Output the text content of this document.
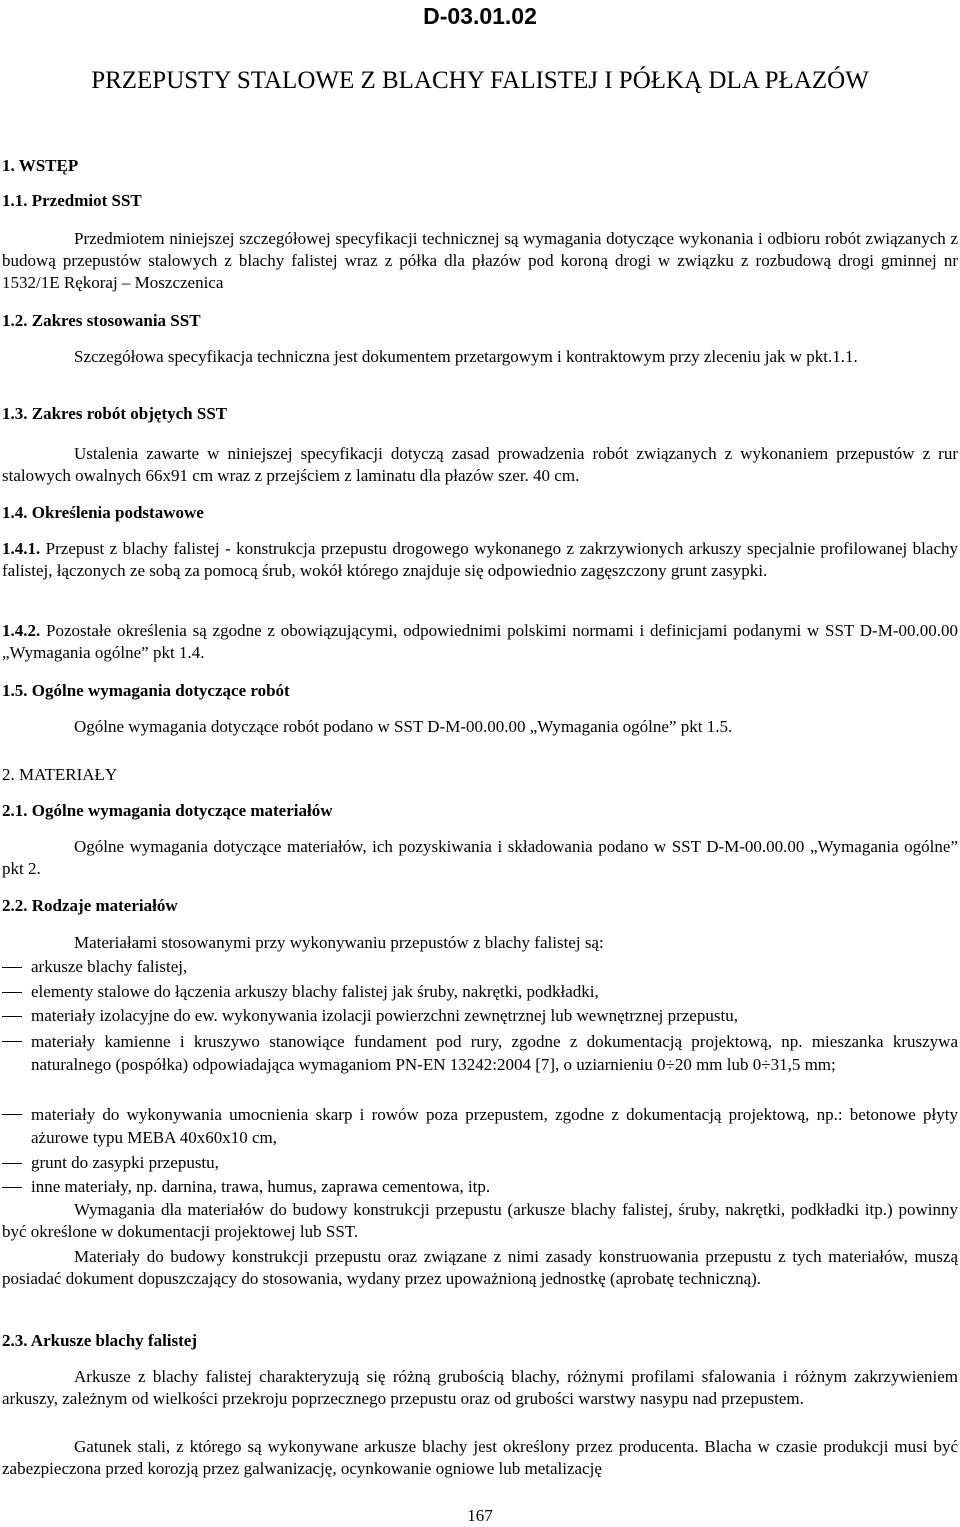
D-03.01.02
PRZEPUSTY STALOWE Z BLACHY FALISTEJ I PÓŁKĄ DLA PŁAZÓW
1. WSTĘP
1.1. Przedmiot SST
Przedmiotem niniejszej szczegółowej specyfikacji technicznej są wymagania dotyczące wykonania i odbioru robót związanych z budową przepustów stalowych z blachy falistej wraz z półka dla płazów pod koroną drogi w związku z rozbudową drogi gminnej nr 1532/1E Rękoraj – Moszczenica
1.2. Zakres stosowania SST
Szczegółowa specyfikacja techniczna jest dokumentem przetargowym i kontraktowym przy zleceniu jak w pkt.1.1.
1.3. Zakres robót objętych SST
Ustalenia zawarte w niniejszej specyfikacji dotyczą zasad prowadzenia robót związanych z wykonaniem przepustów z rur stalowych owalnych 66x91 cm wraz z przejściem z laminatu dla płazów szer. 40 cm.
1.4. Określenia podstawowe
1.4.1. Przepust z blachy falistej - konstrukcja przepustu drogowego wykonanego z zakrzywionych arkuszy specjalnie profilowanej blachy falistej, łączonych ze sobą za pomocą śrub, wokół którego znajduje się odpowiednio zagęszczony grunt zasypki.
1.4.2. Pozostałe określenia są zgodne z obowiązującymi, odpowiednimi polskimi normami i definicjami podanymi w SST D-M-00.00.00 „Wymagania ogólne” pkt 1.4.
1.5. Ogólne wymagania dotyczące robót
Ogólne wymagania dotyczące robót podano w SST D-M-00.00.00 „Wymagania ogólne” pkt 1.5.
2. MATERIAŁY
2.1. Ogólne wymagania dotyczące materiałów
Ogólne wymagania dotyczące materiałów, ich pozyskiwania i składowania podano w SST D-M-00.00.00 „Wymagania ogólne” pkt 2.
2.2. Rodzaje materiałów
Materiałami stosowanymi przy wykonywaniu przepustów z blachy falistej są:
arkusze blachy falistej,
elementy stalowe do łączenia arkuszy blachy falistej jak śruby, nakrętki, podkładki,
materiały izolacyjne do ew. wykonywania izolacji powierzchni zewnętrznej lub wewnętrznej przepustu,
materiały kamienne i kruszywo stanowiące fundament pod rury, zgodne z dokumentacją projektową, np. mieszanka kruszywa naturalnego (pospółka) odpowiadająca wymaganiom PN-EN 13242:2004 [7], o uziarnieniu 0÷20 mm lub 0÷31,5 mm;
materiały do wykonywania umocnienia skarp i rowów poza przepustem, zgodne z dokumentacją projektową, np.: betonowe płyty ażurowe typu MEBA 40x60x10 cm,
grunt do zasypki przepustu,
inne materiały, np. darnina, trawa, humus, zaprawa cementowa, itp.
Wymagania dla materiałów do budowy konstrukcji przepustu (arkusze blachy falistej, śruby, nakrętki, podkładki itp.) powinny być określone w dokumentacji projektowej lub SST.
Materiały do budowy konstrukcji przepustu oraz związane z nimi zasady konstruowania przepustu z tych materiałów, muszą posiadać dokument dopuszczający do stosowania, wydany przez upoważnioną jednostkę (aprobatę techniczną).
2.3. Arkusze blachy falistej
Arkusze z blachy falistej charakteryzują się różną grubością blachy, różnymi profilami sfalowania i różnym zakrzywieniem arkuszy, zależnym od wielkości przekroju poprzecznego przepustu oraz od grubości warstwy nasypu nad przepustem.
Gatunek stali, z którego są wykonywane arkusze blachy jest określony przez producenta. Blacha w czasie produkcji musi być zabezpieczona przed korozją przez galwanizację, ocynkowanie ogniowe lub metalizację
167
